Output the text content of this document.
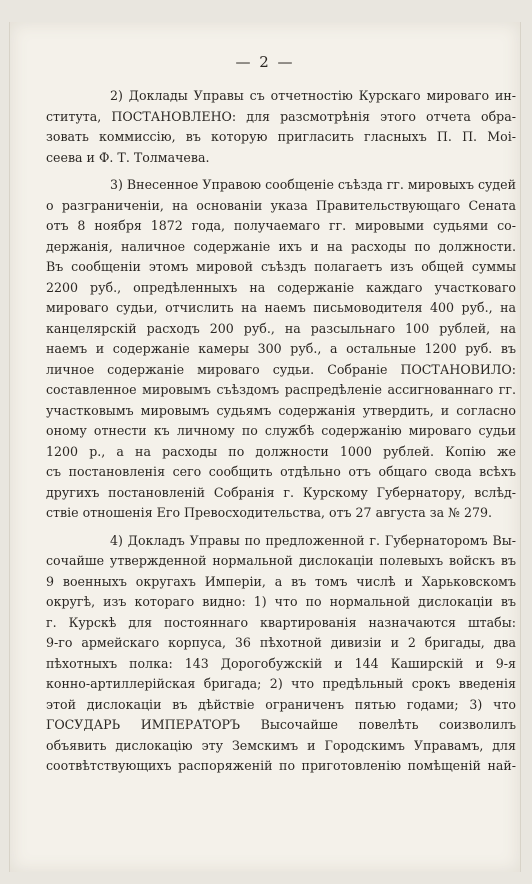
— 2 —
2) Доклады Управы съ отчетностію Курскаго мироваго ин-
ститута, ПОСТАНОВЛЕНО: для разсмотрѣнія этого отчета обра-
зовать коммиссію, въ которую пригласить гласныхъ П. П. Моі-
сеева и Ф. Т. Толмачева.
3) Внесенное Управою сообщеніе съѣзда гг. мировыхъ судей
о разграниченіи, на основаніи указа Правительствующаго Сената
отъ 8 ноября 1872 года, получаемаго гг. мировыми судьями со-
держанія, наличное содержаніе ихъ и на расходы по должности.
Въ сообщеніи этомъ мировой съѣздъ полагаетъ изъ общей суммы
2200 руб., опредѣленныхъ на содержаніе каждаго участковаго
мироваго судьи, отчислить на наемъ письмоводителя 400 руб., на
канцелярскій расходъ 200 руб., на разсыльнаго 100 рублей, на
наемъ и содержаніе камеры 300 руб., а остальные 1200 руб. въ
личное содержаніе мироваго судьи. Собраніе ПОСТАНОВИЛО:
составленное мировымъ съѣздомъ распредѣленіе ассигнованнаго гг.
участковымъ мировымъ судьямъ содержанія утвердить, и согласно
оному отнести къ личному по службѣ содержанію мироваго судьи
1200 р., а на расходы по должности 1000 рублей. Копію же
съ постановленія сего сообщить отдѣльно отъ общаго свода всѣхъ
другихъ постановленій Собранія г. Курскому Губернатору, вслѣд-
ствіе отношенія Его Превосходительства, отъ 27 августа за № 279.
4) Докладъ Управы по предложенной г. Губернаторомъ Вы-
сочайше утвержденной нормальной дислокаціи полевыхъ войскъ въ
9 военныхъ округахъ Имперіи, а въ томъ числѣ и Харьковскомъ
округѣ, изъ котораго видно: 1) что по нормальной дислокаціи въ
г. Курскѣ для постояннаго квартированія назначаются штабы:
9-го армейскаго корпуса, 36 пѣхотной дивизіи и 2 бригады, два
пѣхотныхъ полка: 143 Дорогобужскій и 144 Каширскій и 9-я
конно-артиллерійская бригада; 2) что предѣльный срокъ введенія
этой дислокаціи въ дѣйствіе ограниченъ пятью годами; 3) что
ГОСУДАРЬ ИМПЕРАТОРЪ Высочайше повелѣть соизволилъ
объявить дислокацію эту Земскимъ и Городскимъ Управамъ, для
соотвѣтствующихъ распоряженій по приготовленію помѣщеній най-
